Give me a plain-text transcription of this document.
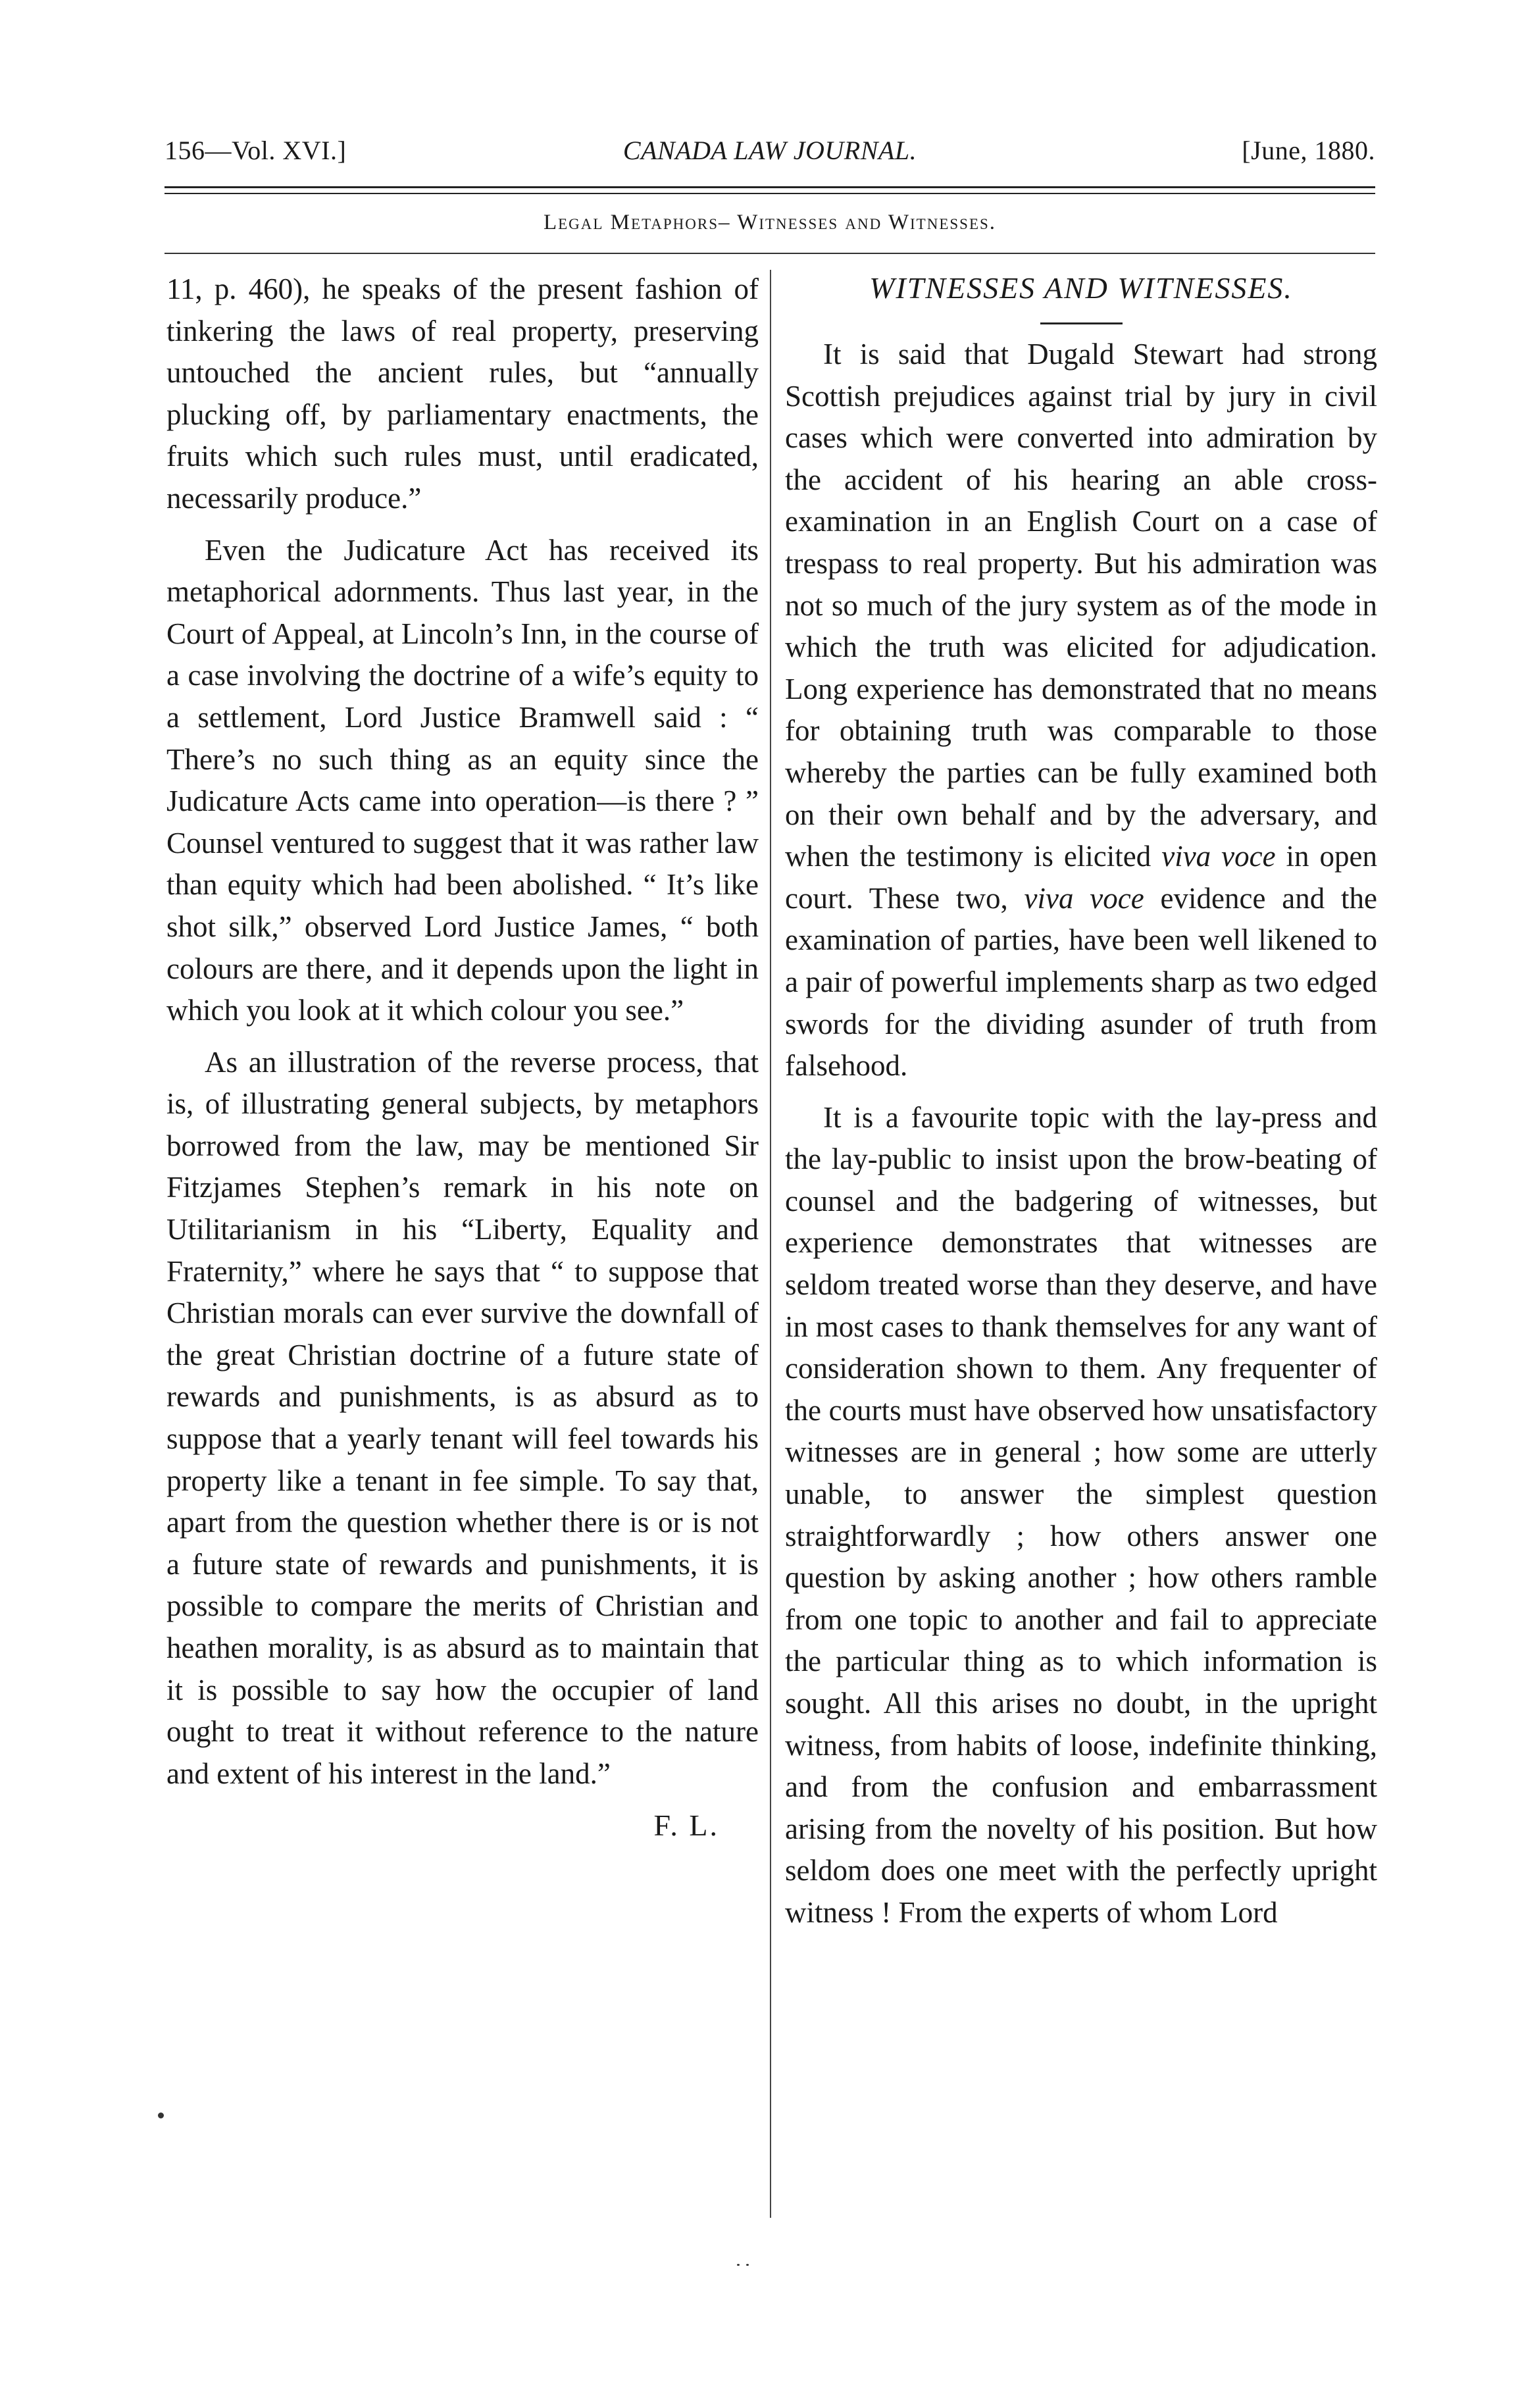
156—Vol. XVI.]	CANADA LAW JOURNAL.	[June, 1880.
Legal Metaphors– Witnesses and Witnesses.

11, p. 460), he speaks of the present fashion of tinkering the laws of real property, preserving untouched the ancient rules, but “annually plucking off, by parliamentary enactments, the fruits which such rules must, until eradicated, necessarily produce.”

Even the Judicature Act has received its metaphorical adornments. Thus last year, in the Court of Appeal, at Lincoln’s Inn, in the course of a case involving the doctrine of a wife’s equity to a settlement, Lord Justice Bramwell said : “ There’s no such thing as an equity since the Judicature Acts came into operation—is there ? ” Counsel ventured to suggest that it was rather law than equity which had been abolished. “ It’s like shot silk,” observed Lord Justice James, “ both colours are there, and it depends upon the light in which you look at it which colour you see.”

As an illustration of the reverse process, that is, of illustrating general subjects, by metaphors borrowed from the law, may be mentioned Sir Fitzjames Stephen’s remark in his note on Utilitarianism in his “Liberty, Equality and Fraternity,” where he says that “ to suppose that Christian morals can ever survive the downfall of the great Christian doctrine of a future state of rewards and punishments, is as absurd as to suppose that a yearly tenant will feel towards his property like a tenant in fee simple. To say that, apart from the question whether there is or is not a future state of rewards and punishments, it is possible to compare the merits of Christian and heathen morality, is as absurd as to maintain that it is possible to say how the occupier of land ought to treat it without reference to the nature and extent of his interest in the land.”

F. L.
WITNESSES AND WITNESSES.

It is said that Dugald Stewart had strong Scottish prejudices against trial by jury in civil cases which were converted into admiration by the accident of his hearing an able cross-examination in an English Court on a case of trespass to real property. But his admiration was not so much of the jury system as of the mode in which the truth was elicited for adjudication. Long experience has demonstrated that no means for obtaining truth was comparable to those whereby the parties can be fully examined both on their own behalf and by the adversary, and when the testimony is elicited viva voce in open court. These two, viva voce evidence and the examination of parties, have been well likened to a pair of powerful implements sharp as two edged swords for the dividing asunder of truth from falsehood.

It is a favourite topic with the lay-press and the lay-public to insist upon the brow-beating of counsel and the badgering of witnesses, but experience demonstrates that witnesses are seldom treated worse than they deserve, and have in most cases to thank themselves for any want of consideration shown to them. Any frequenter of the courts must have observed how unsatisfactory witnesses are in general ; how some are utterly unable, to answer the simplest question straightforwardly ; how others answer one question by asking another ; how others ramble from one topic to another and fail to appreciate the particular thing as to which information is sought. All this arises no doubt, in the upright witness, from habits of loose, indefinite thinking, and from the confusion and embarrassment arising from the novelty of his position. But how seldom does one meet with the perfectly upright witness ! From the experts of whom Lord
